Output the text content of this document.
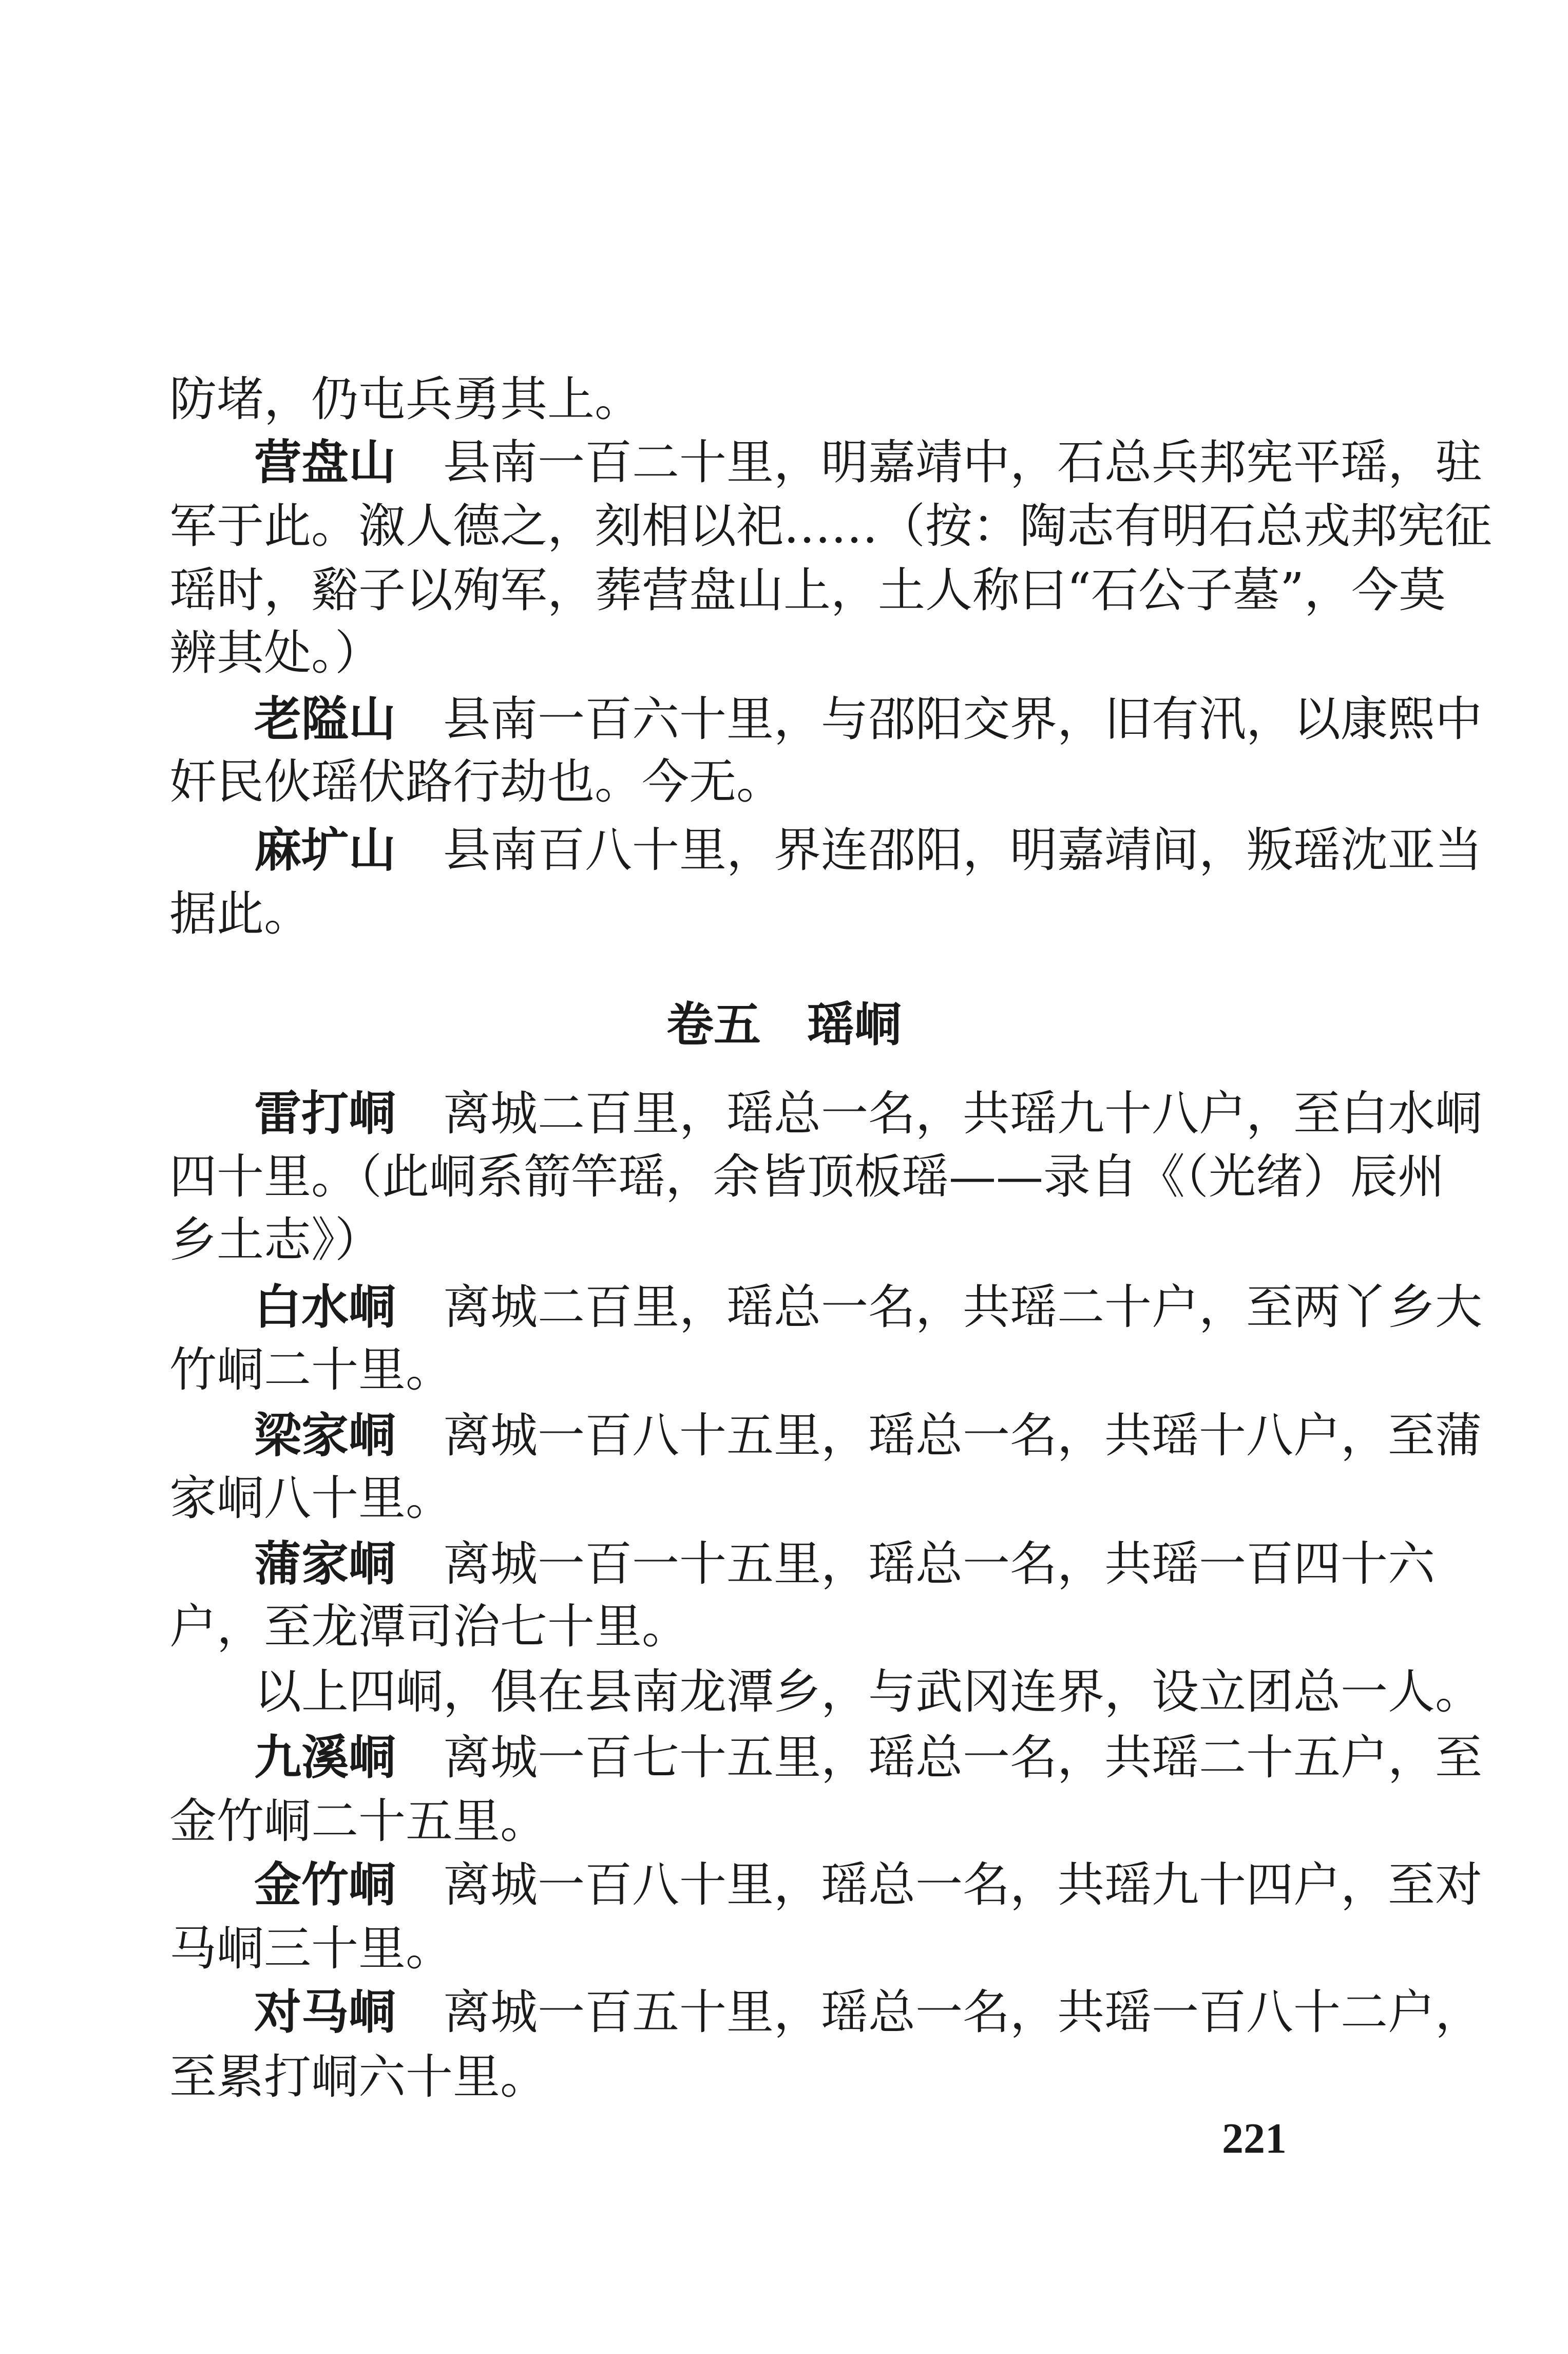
防堵，仍屯兵勇其上。
营盘山 县南一百二十里，明嘉靖中，石总兵邦宪平瑶，驻
军于此。溆人德之，刻相以祀……（按：陶志有明石总戎邦宪征
瑶时，谿子以殉军，葬营盘山上，土人称曰“石公子墓”，今莫
辨其处。）
老隘山 县南一百六十里，与邵阳交界，旧有汛，以康熙中
奸民伙瑶伏路行劫也。今无。
麻圹山 县南百八十里，界连邵阳，明嘉靖间，叛瑶沈亚当
据此。
卷五 瑶峒
雷打峒 离城二百里，瑶总一名，共瑶九十八户，至白水峒
四十里。（此峒系箭竿瑶，余皆顶板瑶——录自《（光绪）辰州
乡土志》）
白水峒 离城二百里，瑶总一名，共瑶二十户，至两丫乡大
竹峒二十里。
梁家峒 离城一百八十五里，瑶总一名，共瑶十八户，至蒲
家峒八十里。
蒲家峒 离城一百一十五里，瑶总一名，共瑶一百四十六
户，至龙潭司治七十里。
以上四峒，俱在县南龙潭乡，与武冈连界，设立团总一人。
九溪峒 离城一百七十五里，瑶总一名，共瑶二十五户，至
金竹峒二十五里。
金竹峒 离城一百八十里，瑶总一名，共瑶九十四户，至对
马峒三十里。
对马峒 离城一百五十里，瑶总一名，共瑶一百八十二户，
至累打峒六十里。
221
